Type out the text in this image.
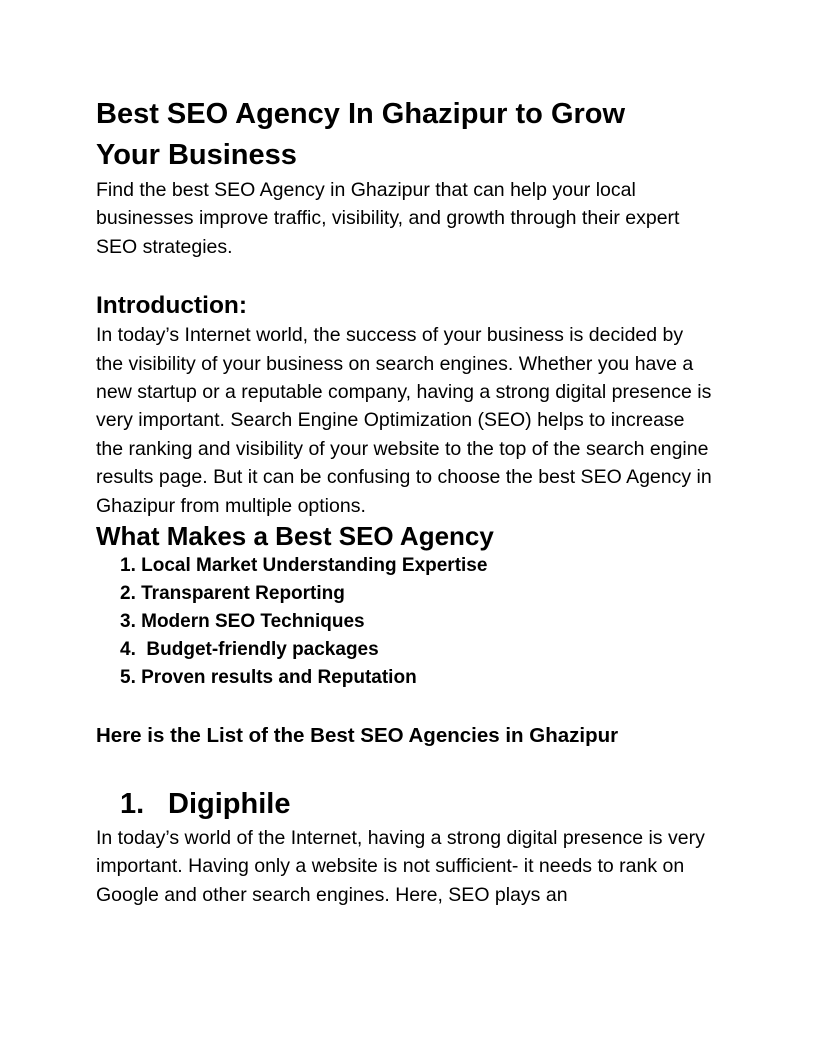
Best SEO Agency In Ghazipur to Grow Your Business

Find the best SEO Agency in Ghazipur that can help your local businesses improve traffic, visibility, and growth through their expert SEO strategies.

Introduction:

In today’s Internet world, the success of your business is decided by the visibility of your business on search engines. Whether you have a new startup or a reputable company, having a strong digital presence is very important. Search Engine Optimization (SEO) helps to increase the ranking and visibility of your website to the top of the search engine results page. But it can be confusing to choose the best SEO Agency in Ghazipur from multiple options.

What Makes a Best SEO Agency
1. Local Market Understanding Expertise
2. Transparent Reporting
3. Modern SEO Techniques
4.  Budget-friendly packages
5. Proven results and Reputation

Here is the List of the Best SEO Agencies in Ghazipur

1. Digiphile

In today’s world of the Internet, having a strong digital presence is very important. Having only a website is not sufficient- it needs to rank on Google and other search engines. Here, SEO plays an
